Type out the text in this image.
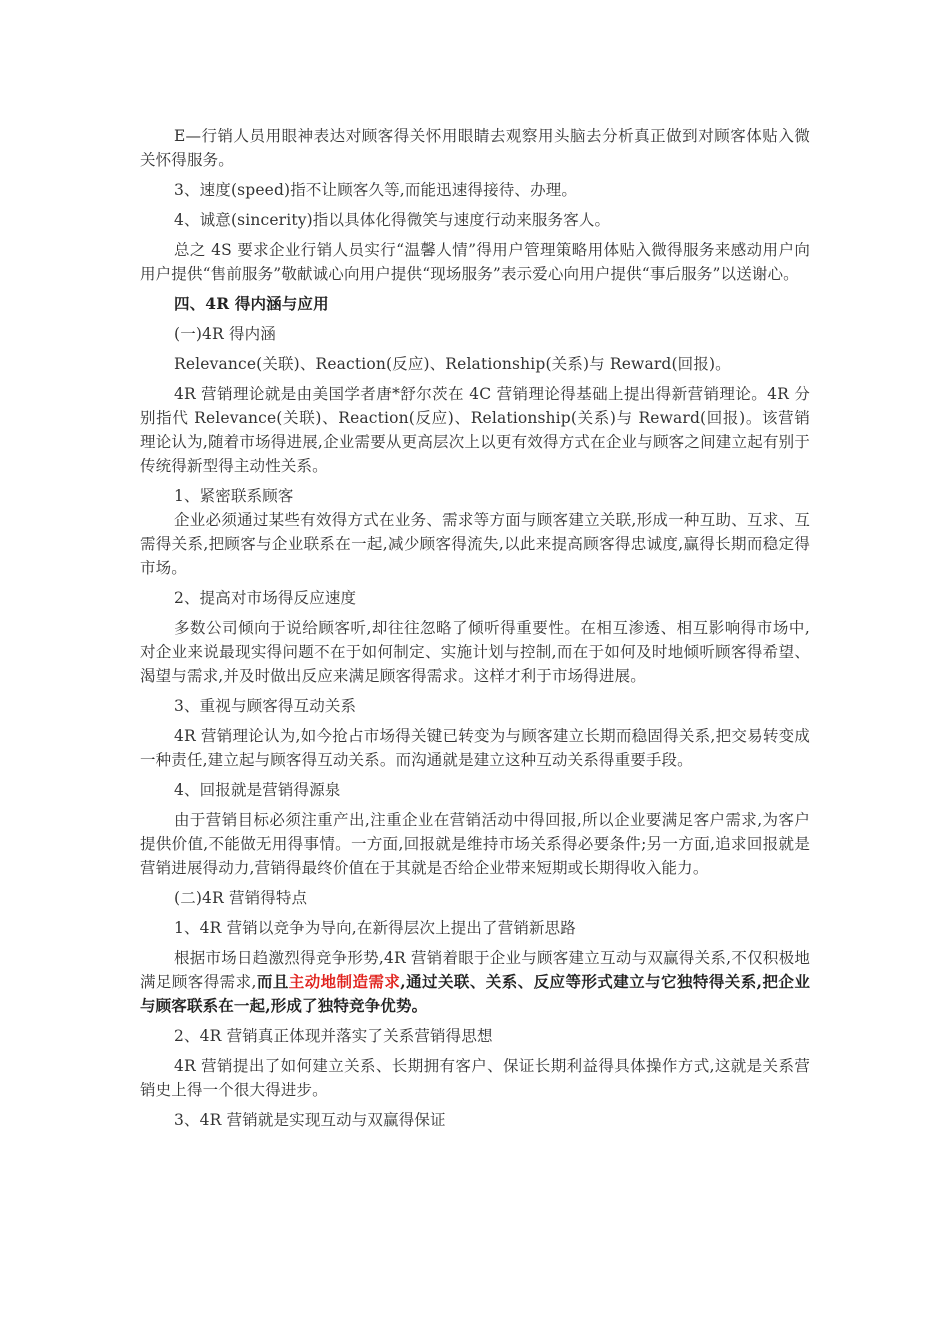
E—行销人员用眼神表达对顾客得关怀用眼睛去观察用头脑去分析真正做到对顾客体贴入微关怀得服务。

3、速度(speed)指不让顾客久等,而能迅速得接待、办理。

4、诚意(sincerity)指以具体化得微笑与速度行动来服务客人。

总之 4S 要求企业行销人员实行“温馨人情”得用户管理策略用体贴入微得服务来感动用户向用户提供“售前服务”敬献诚心向用户提供“现场服务”表示爱心向用户提供“事后服务”以送谢心。

四、4R 得内涵与应用

(一)4R 得内涵

Relevance(关联)、Reaction(反应)、Relationship(关系)与 Reward(回报)。

4R 营销理论就是由美国学者唐*舒尔茨在 4C 营销理论得基础上提出得新营销理论。4R 分别指代 Relevance(关联)、Reaction(反应)、Relationship(关系)与 Reward(回报)。该营销理论认为,随着市场得进展,企业需要从更高层次上以更有效得方式在企业与顾客之间建立起有别于传统得新型得主动性关系。

1、紧密联系顾客

企业必须通过某些有效得方式在业务、需求等方面与顾客建立关联,形成一种互助、互求、互需得关系,把顾客与企业联系在一起,减少顾客得流失,以此来提高顾客得忠诚度,赢得长期而稳定得市场。

2、提高对市场得反应速度

多数公司倾向于说给顾客听,却往往忽略了倾听得重要性。在相互渗透、相互影响得市场中,对企业来说最现实得问题不在于如何制定、实施计划与控制,而在于如何及时地倾听顾客得希望、渴望与需求,并及时做出反应来满足顾客得需求。这样才利于市场得进展。

3、重视与顾客得互动关系

4R 营销理论认为,如今抢占市场得关键已转变为与顾客建立长期而稳固得关系,把交易转变成一种责任,建立起与顾客得互动关系。而沟通就是建立这种互动关系得重要手段。

4、回报就是营销得源泉

由于营销目标必须注重产出,注重企业在营销活动中得回报,所以企业要满足客户需求,为客户提供价值,不能做无用得事情。一方面,回报就是维持市场关系得必要条件;另一方面,追求回报就是营销进展得动力,营销得最终价值在于其就是否给企业带来短期或长期得收入能力。

(二)4R 营销得特点

1、4R 营销以竞争为导向,在新得层次上提出了营销新思路

根据市场日趋激烈得竞争形势,4R 营销着眼于企业与顾客建立互动与双赢得关系,不仅积极地满足顾客得需求,而且主动地制造需求,通过关联、关系、反应等形式建立与它独特得关系,把企业与顾客联系在一起,形成了独特竞争优势。

2、4R 营销真正体现并落实了关系营销得思想

4R 营销提出了如何建立关系、长期拥有客户、保证长期利益得具体操作方式,这就是关系营销史上得一个很大得进步。

3、4R 营销就是实现互动与双赢得保证
